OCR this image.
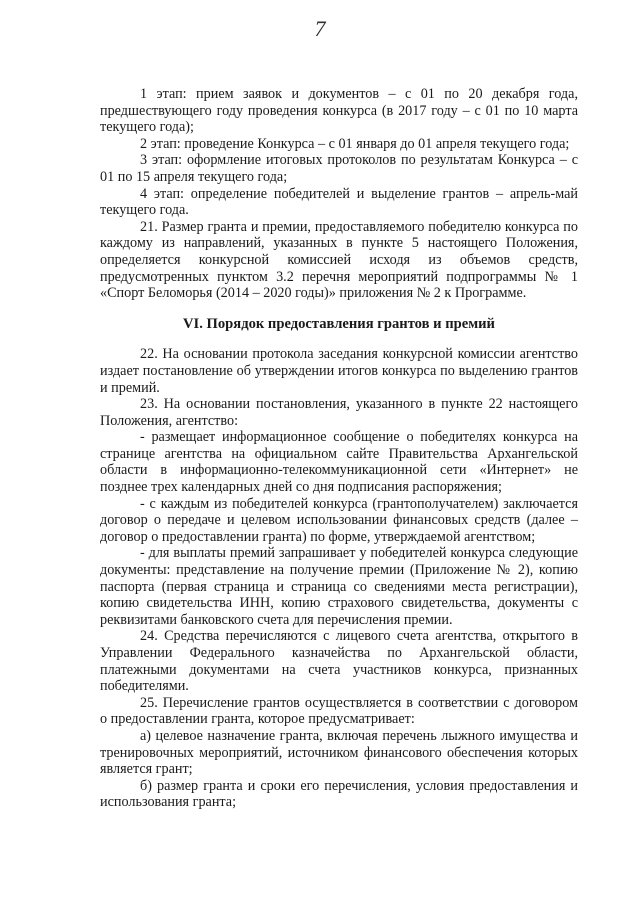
7

1 этап: прием заявок и документов – с 01 по 20 декабря года, предшествующего году проведения конкурса (в 2017 году – с 01 по 10 марта текущего года);

2 этап: проведение Конкурса – с 01 января до 01 апреля текущего года;

3 этап: оформление итоговых протоколов по результатам Конкурса – с 01 по 15 апреля текущего года;

4 этап: определение победителей и выделение грантов – апрель-май текущего года.

21. Размер гранта и премии, предоставляемого победителю конкурса по каждому из направлений, указанных в пункте 5 настоящего Положения, определяется конкурсной комиссией исходя из объемов средств, предусмотренных пунктом 3.2 перечня мероприятий подпрограммы № 1 «Спорт Беломорья (2014 – 2020 годы)» приложения № 2 к Программе.

VI. Порядок предоставления грантов и премий

22. На основании протокола заседания конкурсной комиссии агентство издает постановление об утверждении итогов конкурса по выделению грантов и премий.

23. На основании постановления, указанного в пункте 22 настоящего Положения, агентство:

- размещает информационное сообщение о победителях конкурса на странице агентства на официальном сайте Правительства Архангельской области в информационно-телекоммуникационной сети «Интернет» не позднее трех календарных дней со дня подписания распоряжения;

- с каждым из победителей конкурса (грантополучателем) заключается договор о передаче и целевом использовании финансовых средств (далее – договор о предоставлении гранта) по форме, утверждаемой агентством;

- для выплаты премий запрашивает у победителей конкурса следующие документы: представление на получение премии (Приложение № 2), копию паспорта (первая страница и страница со сведениями места регистрации), копию свидетельства ИНН, копию страхового свидетельства, документы с реквизитами банковского счета для перечисления премии.

24. Средства перечисляются с лицевого счета агентства, открытого в Управлении Федерального казначейства по Архангельской области, платежными документами на счета участников конкурса, признанных победителями.

25. Перечисление грантов осуществляется в соответствии с договором о предоставлении гранта, которое предусматривает:

а) целевое назначение гранта, включая перечень лыжного имущества и тренировочных мероприятий, источником финансового обеспечения которых является грант;

б) размер гранта и сроки его перечисления, условия предоставления и использования гранта;
